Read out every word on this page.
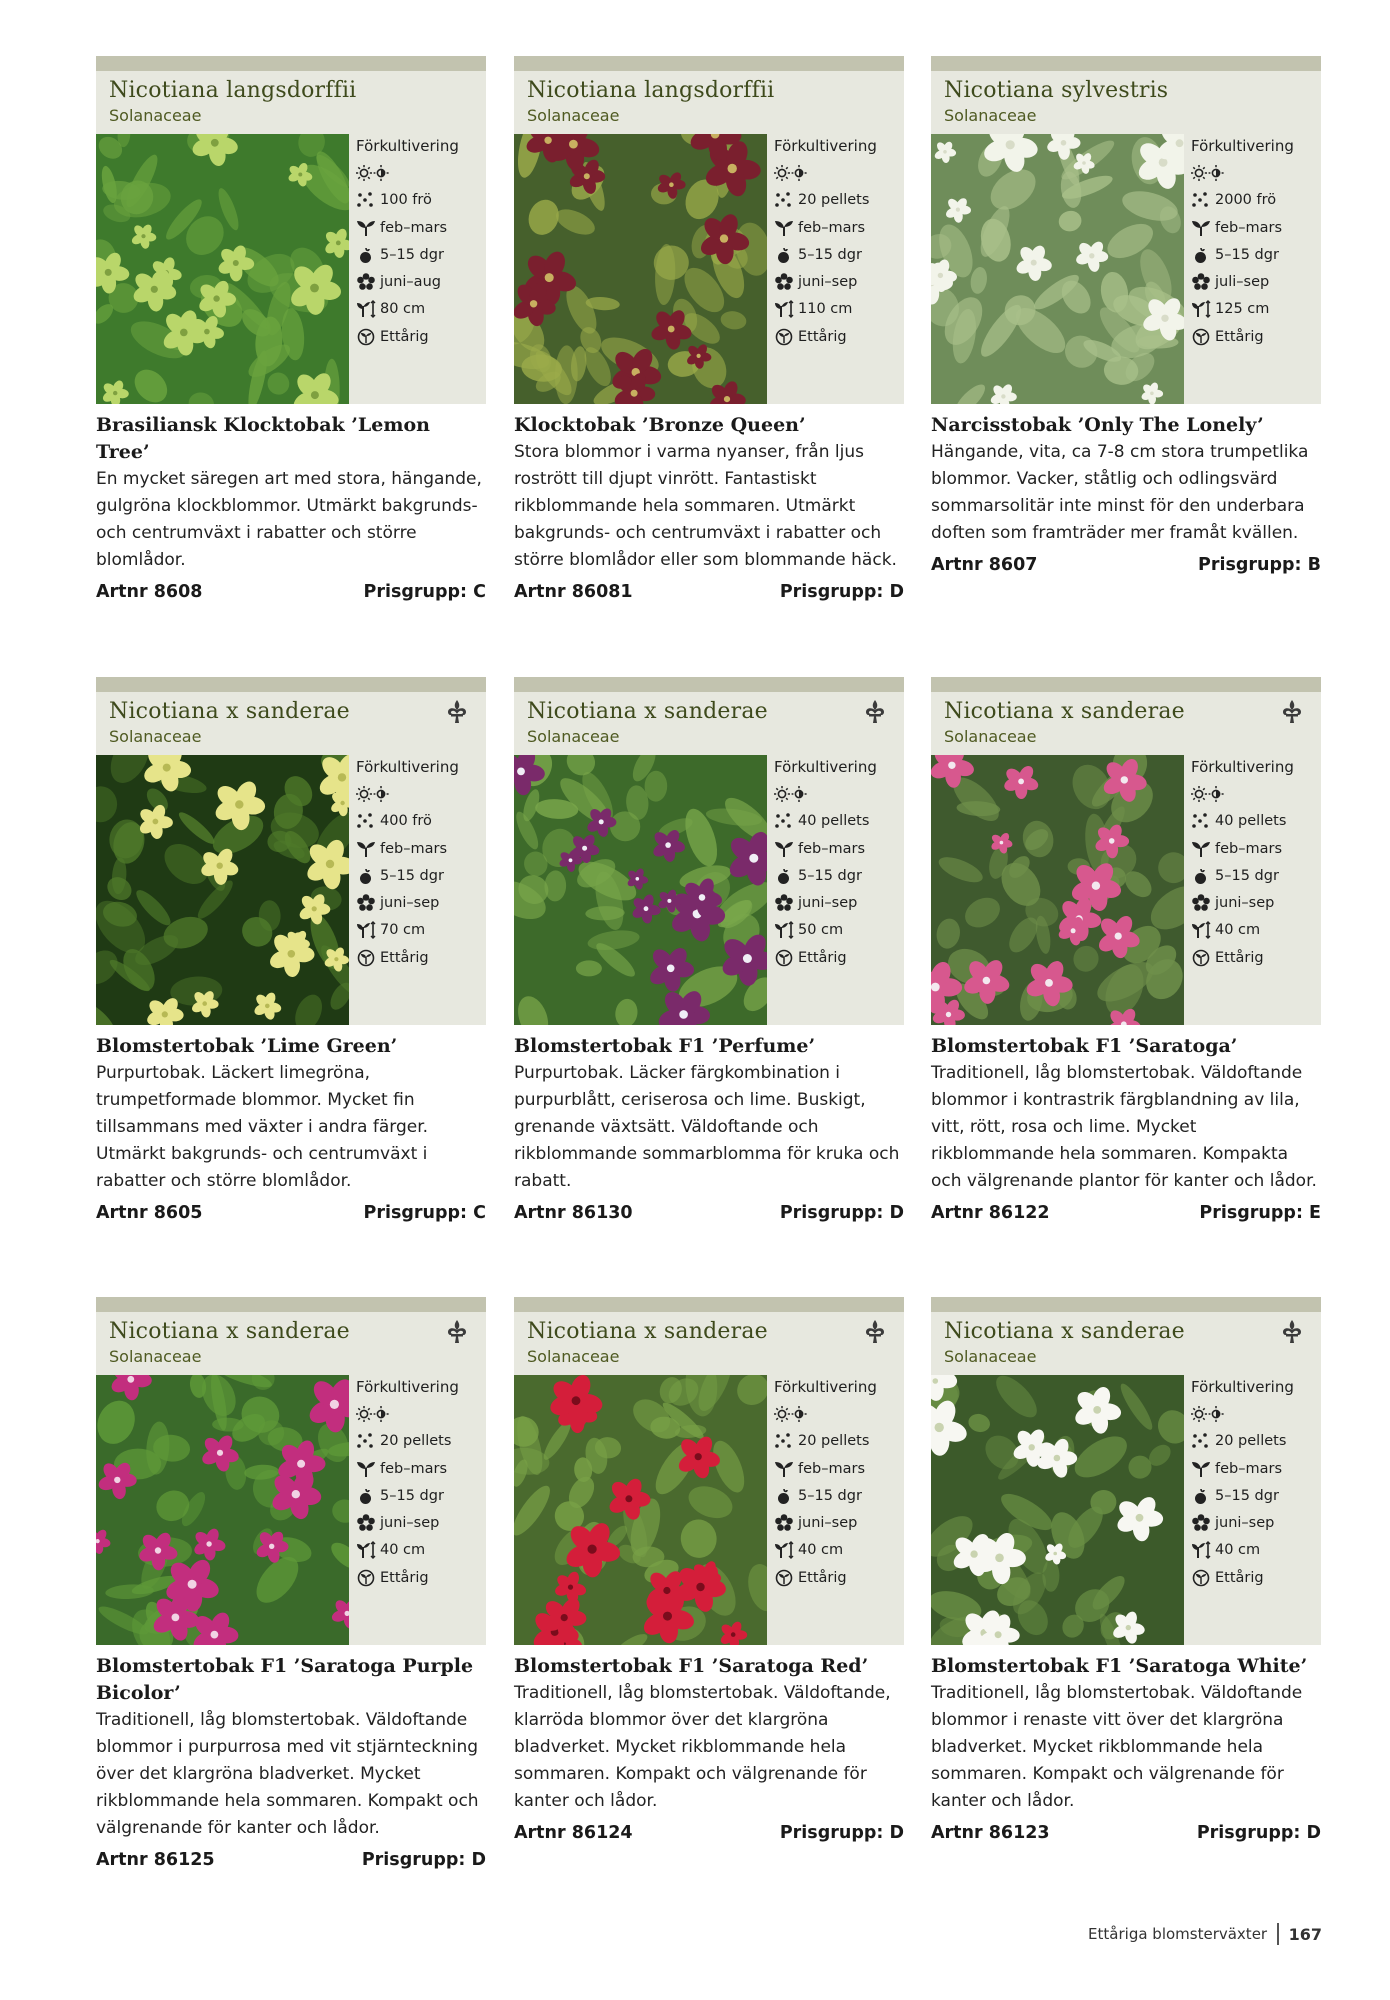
Nicotiana langsdorffii
Solanaceae
Förkultivering
100 frö
feb–mars
5–15 dgr
juni–aug
80 cm
Ettårig
Brasiliansk Klocktobak ’Lemon Tree’
En mycket säregen art med stora, hängande, gulgröna klockblommor. Utmärkt bakgrunds- och centrumväxt i rabatter och större blomlådor.
Artnr 8608	Prisgrupp: C
Nicotiana langsdorffii
Solanaceae
Förkultivering
20 pellets
feb–mars
5–15 dgr
juni–sep
110 cm
Ettårig
Klocktobak ’Bronze Queen’
Stora blommor i varma nyanser, från ljus rostrött till djupt vinrött. Fantastiskt rikblommande hela sommaren. Utmärkt bakgrunds- och centrumväxt i rabatter och större blomlådor eller som blommande häck.
Artnr 86081	Prisgrupp: D
Nicotiana sylvestris
Solanaceae
Förkultivering
2000 frö
feb–mars
5–15 dgr
juli–sep
125 cm
Ettårig
Narcisstobak ’Only The Lonely’
Hängande, vita, ca 7-8 cm stora trumpetlika blommor. Vacker, ståtlig och odlingsvärd sommarsolitär inte minst för den underbara doften som framträder mer framåt kvällen.
Artnr 8607	Prisgrupp: B
Nicotiana x sanderae
Solanaceae
Förkultivering
400 frö
feb–mars
5–15 dgr
juni–sep
70 cm
Ettårig
Blomstertobak ’Lime Green’
Purpurtobak. Läckert limegröna, trumpetformade blommor. Mycket fin tillsammans med växter i andra färger. Utmärkt bakgrunds- och centrumväxt i rabatter och större blomlådor.
Artnr 8605	Prisgrupp: C
Nicotiana x sanderae
Solanaceae
Förkultivering
40 pellets
feb–mars
5–15 dgr
juni–sep
50 cm
Ettårig
Blomstertobak F1 ’Perfume’
Purpurtobak. Läcker färgkombination i purpurblått, ceriserosa och lime. Buskigt, grenande växtsätt. Väldoftande och rikblommande sommarblomma för kruka och rabatt.
Artnr 86130	Prisgrupp: D
Nicotiana x sanderae
Solanaceae
Förkultivering
40 pellets
feb–mars
5–15 dgr
juni–sep
40 cm
Ettårig
Blomstertobak F1 ’Saratoga’
Traditionell, låg blomstertobak. Väldoftande blommor i kontrastrik färgblandning av lila, vitt, rött, rosa och lime. Mycket rikblommande hela sommaren. Kompakta och välgrenande plantor för kanter och lådor.
Artnr 86122	Prisgrupp: E
Nicotiana x sanderae
Solanaceae
Förkultivering
20 pellets
feb–mars
5–15 dgr
juni–sep
40 cm
Ettårig
Blomstertobak F1 ’Saratoga Purple Bicolor’
Traditionell, låg blomstertobak. Väldoftande blommor i purpurrosa med vit stjärnteckning över det klargröna bladverket. Mycket rikblommande hela sommaren. Kompakt och välgrenande för kanter och lådor.
Artnr 86125	Prisgrupp: D
Nicotiana x sanderae
Solanaceae
Förkultivering
20 pellets
feb–mars
5–15 dgr
juni–sep
40 cm
Ettårig
Blomstertobak F1 ’Saratoga Red’
Traditionell, låg blomstertobak. Väldoftande, klarröda blommor över det klargröna bladverket. Mycket rikblommande hela sommaren. Kompakt och välgrenande för kanter och lådor.
Artnr 86124	Prisgrupp: D
Nicotiana x sanderae
Solanaceae
Förkultivering
20 pellets
feb–mars
5–15 dgr
juni–sep
40 cm
Ettårig
Blomstertobak F1 ’Saratoga White’
Traditionell, låg blomstertobak. Väldoftande blommor i renaste vitt över det klargröna bladverket. Mycket rikblommande hela sommaren. Kompakt och välgrenande för kanter och lådor.
Artnr 86123	Prisgrupp: D
Ettåriga blomsterväxter 167
